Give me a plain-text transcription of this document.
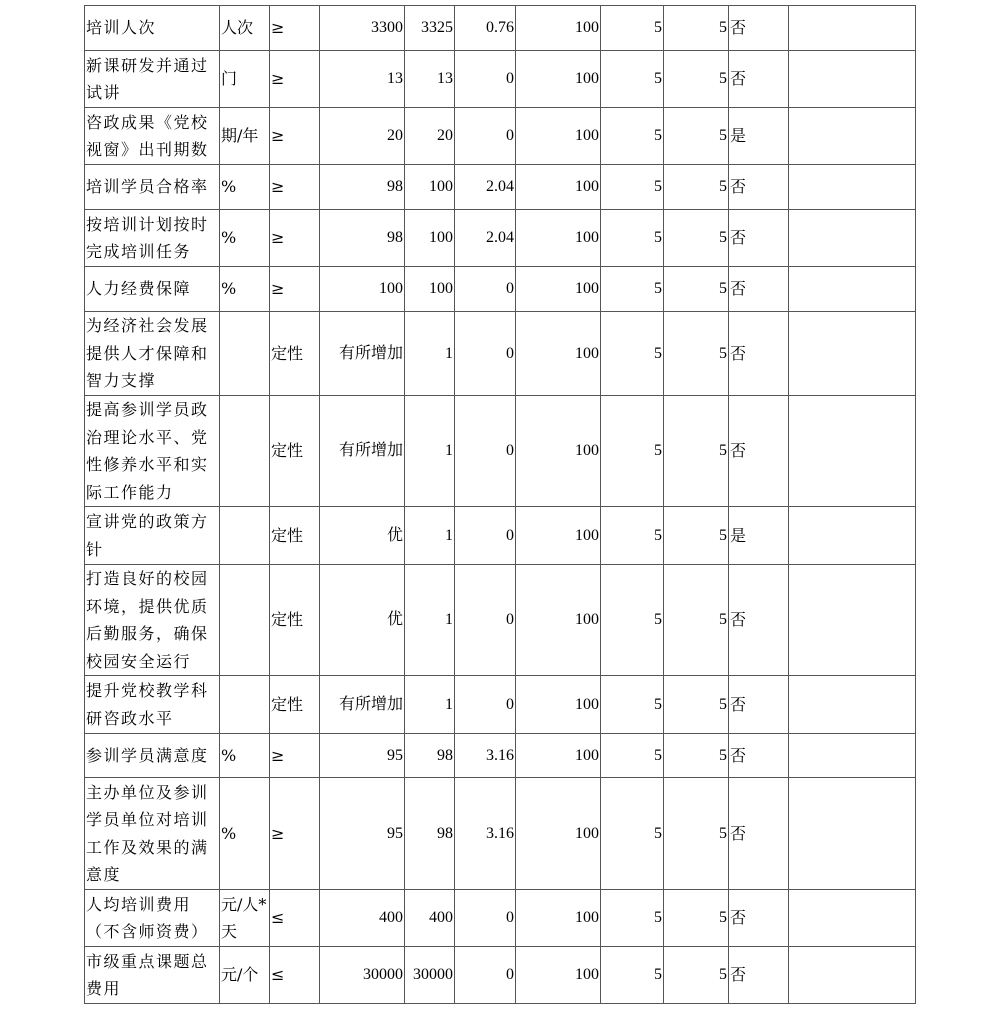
培训人次	人次	≥	3300	3325	0.76	100	5	5	否	
新课研发并通过试讲	门	≥	13	13	0	100	5	5	否	
咨政成果《党校视窗》出刊期数	期/年	≥	20	20	0	100	5	5	是	
培训学员合格率	%	≥	98	100	2.04	100	5	5	否	
按培训计划按时完成培训任务	%	≥	98	100	2.04	100	5	5	否	
人力经费保障	%	≥	100	100	0	100	5	5	否	
为经济社会发展提供人才保障和智力支撑		定性	有所增加	1	0	100	5	5	否	
提高参训学员政治理论水平、党性修养水平和实际工作能力		定性	有所增加	1	0	100	5	5	否	
宣讲党的政策方针		定性	优	1	0	100	5	5	是	
打造良好的校园环境，提供优质后勤服务，确保校园安全运行		定性	优	1	0	100	5	5	否	
提升党校教学科研咨政水平		定性	有所增加	1	0	100	5	5	否	
参训学员满意度	%	≥	95	98	3.16	100	5	5	否	
主办单位及参训学员单位对培训工作及效果的满意度	%	≥	95	98	3.16	100	5	5	否	
人均培训费用（不含师资费）	元/人*天	≤	400	400	0	100	5	5	否	
市级重点课题总费用	元/个	≤	30000	30000	0	100	5	5	否	
